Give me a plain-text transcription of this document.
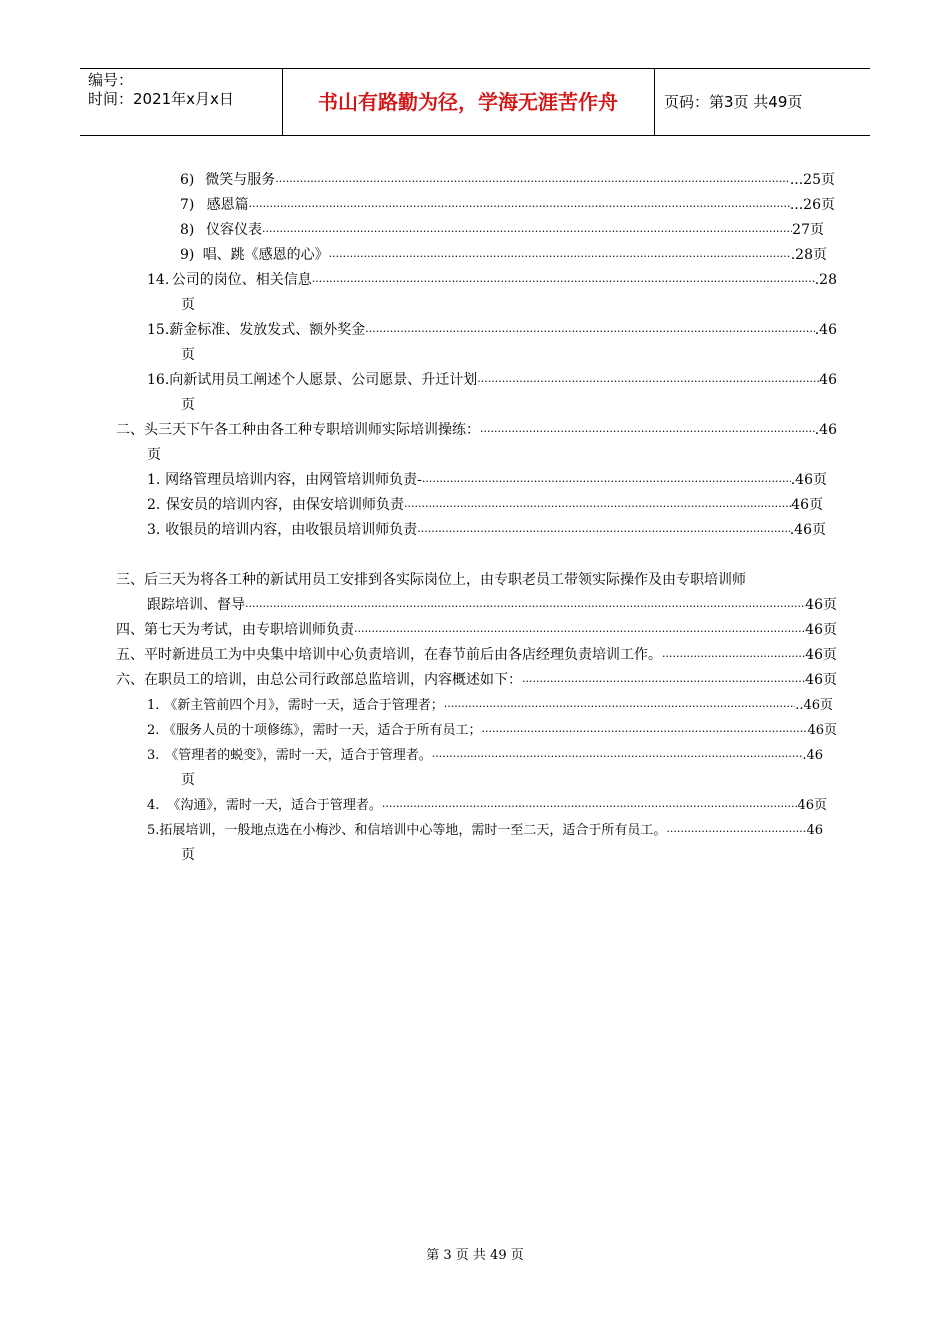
编号：
时间：2021年x月x日	书山有路勤为径，学海无涯苦作舟	页码：第3页 共49页
6) 微笑与服务 ·····	...25页
7) 感恩篇 ·····	...26页
8) 仪容仪表 ·····	27页
9) 唱、跳《感恩的心》 ·····	.28页
14. 公司的岗位、相关信息 ·····	.28
页
15. 薪金标准、发放发式、额外奖金 ·····	.46
页
16. 向新试用员工阐述个人愿景、公司愿景、升迁计划 ·····	46
页
二、头三天下午各工种由各工种专职培训师实际培训操练： ·····	.46
页
1. 网络管理员培训内容，由网管培训师负责- ·····	.46页
2. 保安员的培训内容，由保安培训师负责 ·····	46页
3. 收银员的培训内容，由收银员培训师负责 ·····	.46页
三、后三天为将各工种的新试用员工安排到各实际岗位上，由专职老员工带领实际操作及由专职培训师
跟踪培训、督导 ·····	46页
四、第七天为考试，由专职培训师负责 ·····	46页
五、平时新进员工为中央集中培训中心负责培训，在春节前后由各店经理负责培训工作。 ·····	46页
六、在职员工的培训，由总公司行政部总监培训，内容概述如下： ·····	46页
1. 《新主管前四个月》，需时一天，适合于管理者； ·····	..46页
2. 《服务人员的十项修练》，需时一天，适合于所有员工； ·····	46页
3. 《管理者的蜕变》，需时一天，适合于管理者。 ·····	.46
页
4. 《沟通》，需时一天，适合于管理者。 ·····	46页
5. 拓展培训，一般地点选在小梅沙、和信培训中心等地，需时一至二天，适合于所有员工。 ·····	46
页
第 3 页 共 49 页
